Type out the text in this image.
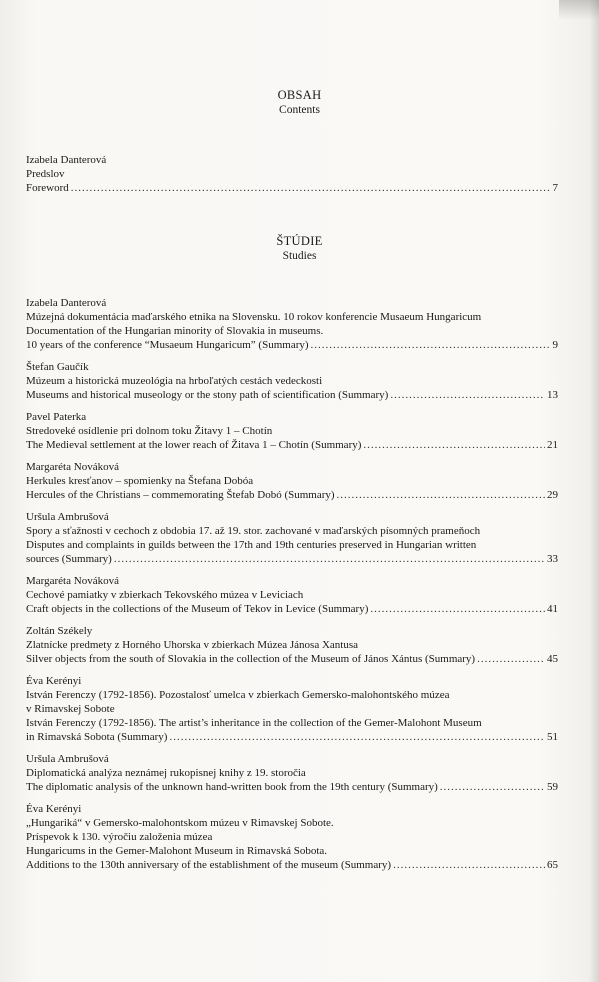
OBSAH
Contents
Izabela Danterová
Predslov
Foreword .....	7
ŠTÚDIE
Studies
Izabela Danterová
Múzejná dokumentácia maďarského etnika na Slovensku. 10 rokov konferencie Musaeum Hungaricum
Documentation of the Hungarian minority of Slovakia in museums.
10 years of the conference “Musaeum Hungaricum” (Summary) .....	9
Štefan Gaučík
Múzeum a historická muzeológia na hrboľatých cestách vedeckosti
Museums and historical museology or the stony path of scientification (Summary) .....	13
Pavel Paterka
Stredoveké osídlenie pri dolnom toku Žitavy 1 – Chotín
The Medieval settlement at the lower reach of Žitava 1 – Chotín (Summary) .....	21
Margaréta Nováková
Herkules kresťanov – spomienky na Štefana Dobóa
Hercules of the Christians – commemorating Štefab Dobó (Summary) .....	29
Uršula Ambrušová
Spory a sťažnosti v cechoch z obdobia 17. až 19. stor. zachované v maďarských písomných prameňoch
Disputes and complaints in guilds between the 17th and 19th centuries preserved in Hungarian written
sources (Summary) .....	33
Margaréta Nováková
Cechové pamiatky v zbierkach Tekovského múzea v Leviciach
Craft objects in the collections of the Museum of Tekov in Levice (Summary) .....	41
Zoltán Székely
Zlatnícke predmety z Horného Uhorska v zbierkach Múzea Jánosa Xantusa
Silver objects from the south of Slovakia in the collection of the Museum of János Xántus (Summary) .....	45
Éva Kerényi
István Ferenczy (1792-1856). Pozostalosť umelca v zbierkach Gemersko-malohontského múzea
v Rimavskej Sobote
István Ferenczy (1792-1856). The artist’s inheritance in the collection of the Gemer-Malohont Museum
in Rimavská Sobota (Summary) .....	51
Uršula Ambrušová
Diplomatická analýza neznámej rukopisnej knihy z 19. storočia
The diplomatic analysis of the unknown hand-written book from the 19th century (Summary) .....	59
Éva Kerényi
„Hungariká“ v Gemersko-malohontskom múzeu v Rimavskej Sobote.
Príspevok k 130. výročiu založenia múzea
Hungaricums in the Gemer-Malohont Museum in Rimavská Sobota.
Additions to the 130th anniversary of the establishment of the museum (Summary) .....	65
